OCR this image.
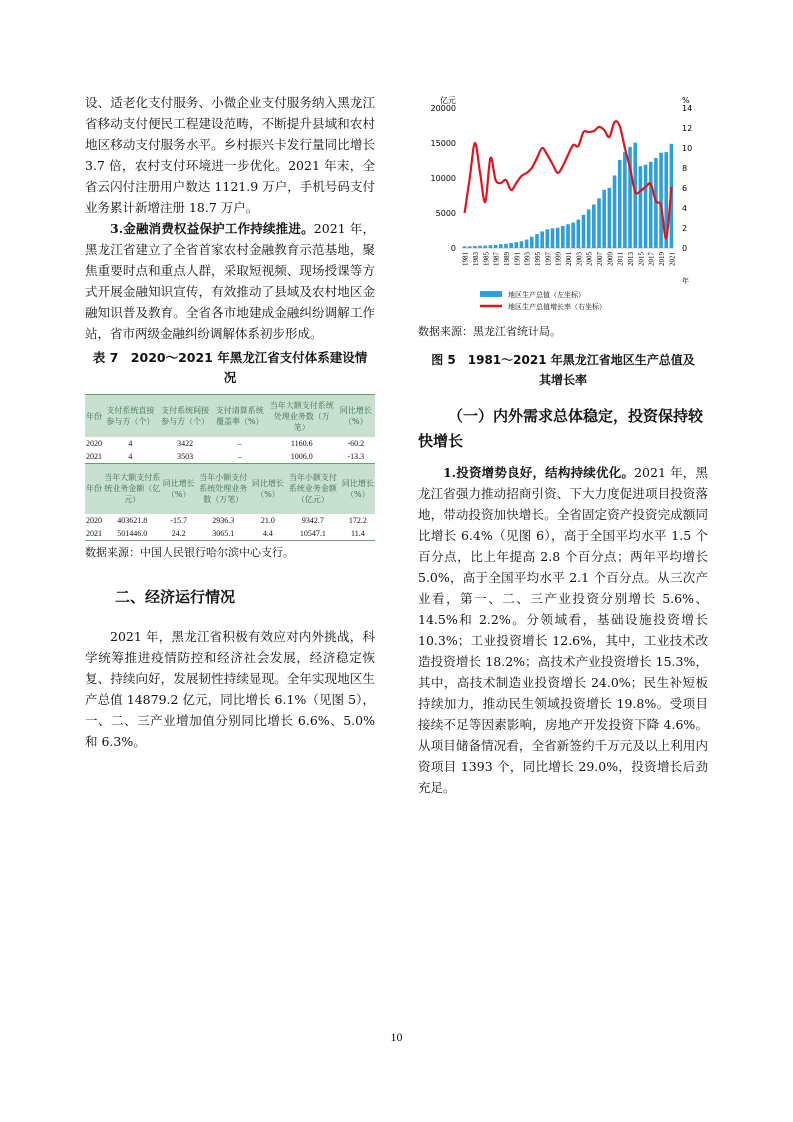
设、适老化支付服务、小微企业支付服务纳入黑龙江省移动支付便民工程建设范畴，不断提升县域和农村地区移动支付服务水平。乡村振兴卡发行量同比增长 3.7 倍，农村支付环境进一步优化。2021 年末，全省云闪付注册用户数达 1121.9 万户，手机号码支付业务累计新增注册 18.7 万户。

3.金融消费权益保护工作持续推进。2021 年，黑龙江省建立了全省首家农村金融教育示范基地，聚焦重要时点和重点人群，采取短视频、现场授课等方式开展金融知识宣传，有效推动了县域及农村地区金融知识普及教育。全省各市地建成金融纠纷调解工作站，省市两级金融纠纷调解体系初步形成。

表 7　2020～2021 年黑龙江省支付体系建设情况
年份	支付系统直接参与方（个）	支付系统间接参与方（个）	支付清算系统覆盖率（%）	当年大额支付系统处理业务数（万笔）	同比增长（%）
2020	4	3422	–	1160.6	-60.2
2021	4	3503	–	1006.0	-13.3
年份	当年大额支付系统业务金额（亿元）	同比增长（%）	当年小额支付系统处理业务数（万笔）	同比增长（%）	当年小额支付系统业务金额（亿元）	同比增长（%）
2020	403621.8	-15.7	2936.3	21.0	9342.7	172.2
2021	501446.0	24.2	3065.1	4.4	10547.1	11.4
数据来源：中国人民银行哈尔滨中心支行。
二、经济运行情况

2021 年，黑龙江省积极有效应对内外挑战，科学统筹推进疫情防控和经济社会发展，经济稳定恢复、持续向好，发展韧性持续显现。全年实现地区生产总值 14879.2 亿元，同比增长 6.1%（见图 5），一、二、三产业增加值分别同比增长 6.6%、5.0%和 6.3%。

亿元	%
20000
15000
10000
5000
0
14
12
10
8
6
4
2
0
1981 1983 1985 1987 1989 1991 1993 1995 1997 1999 2001 2003 2005 2007 2009 2011 2013 2015 2017 2019 2021
年
地区生产总值（左坐标）
地区生产总值增长率（右坐标）
数据来源：黑龙江省统计局。
图 5　1981～2021 年黑龙江省地区生产总值及
其增长率
（一）内外需求总体稳定，投资保持较快增长

1.投资增势良好，结构持续优化。2021 年，黑龙江省强力推动招商引资、下大力度促进项目投资落地，带动投资加快增长。全省固定资产投资完成额同比增长 6.4%（见图 6），高于全国平均水平 1.5 个百分点，比上年提高 2.8 个百分点；两年平均增长 5.0%，高于全国平均水平 2.1 个百分点。从三次产业看，第一、二、三产业投资分别增长 5.6%、14.5%和 2.2%。分领域看，基础设施投资增长 10.3%；工业投资增长 12.6%，其中，工业技术改造投资增长 18.2%；高技术产业投资增长 15.3%，其中，高技术制造业投资增长 24.0%；民生补短板持续加力，推动民生领域投资增长 19.8%。受项目接续不足等因素影响，房地产开发投资下降 4.6%。从项目储备情况看，全省新签约千万元及以上利用内资项目 1393 个，同比增长 29.0%，投资增长后劲充足。

10
